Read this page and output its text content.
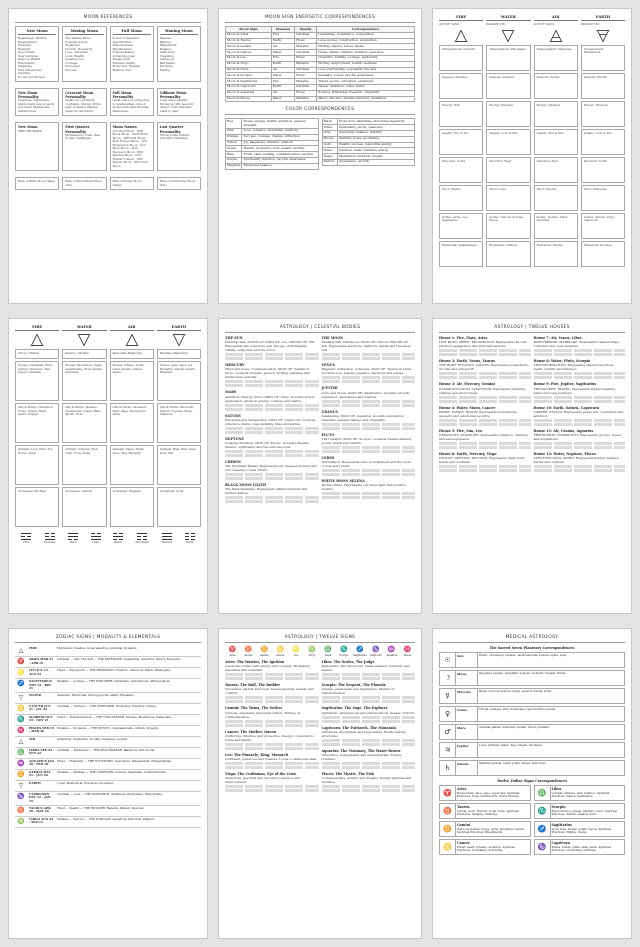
MOON REFERENCES
New Moon
Beginnings, Rebirth
Regeneration
Potential
Renewal
Opportunity
New Ventures
Improve Health
Resolutions
Cleansing
New Adventures
Intuition
Do not get burnout
Waxing Moon
The Waxing Moon
Powerful action
Expansion
Growth, Prosperity
Love, Attraction
Luck, Wealth
Seeking love
Courage
Protection
Success
Full Moon
Power, Completion
Amplification
Empowerment
Manifestation
Transformation
Achieving goals
Dream work
Extreme vitality
Protection, Healing
Wisdom, Tact
Waning Moon
Release
Balance
Banishment
Healing
Addictions
Cleansing
Letting go
Bad habits
Purifying
Ending
New Moon Personality
Impulsive, Expressive, Starts many new projects but rarely finishes any. Self-involved.
Crescent Moon Personality
Shake out old habits. Confident. Shrugs off the past. Is always making plans for the future.
Full Moon Personality
Great sense of connection to relationships. Life of dichotomies and disorder. Passionate.
Gibbous Moon Personality
Truly self-confident. Strong worldly need for others' trust. Insistent. Likes to plan.
New Moon
FIRE THUNDER
First Quarter Personality
Motivated by crisis. Rise to new challenges.
Moon Names
JAN Wolf Moon · FEB Snow Moon · MAR Worm Moon · APR Pink Moon · MAY Flower Moon · JUN Strawberry Moon · JUL Buck Moon · AUG Sturgeon Moon · SEP Harvest Moon · OCT Hunter's Moon · NOV Beaver Moon · DEC Cold Moon
Last Quarter Personality
Strong belief system. Visionary. Inflexible.
Rate of Birth Moon (Yang)	Rate of Enrichment Moon (Yin)
Rate of Power Moon (Yang)
Rate of Unwinding Moon (Yin)
MOON SIGN ENERGETIC CORRESPONDENCES
Moon Sign	Element	Quality	Correspondence
Moon in Aries	Fire	Cardinal	Leadership, dominance, competition
Moon in Taurus	Earth	Fixed	Love, money, construction, acquisition
Moon in Gemini	Air	Mutable	Writing, inquiry, travel, media
Moon in Cancer	Water	Cardinal	Home, family, children, intuition, past lives
Moon in Leo	Fire	Fixed	Creativity, fertility, courage, leadership
Moon in Virgo	Earth	Mutable	Writing, employment, health, wellness
Moon in Libra	Air	Cardinal	Love, partnership, popularity, the arts
Moon in Scorpio	Water	Fixed	Sexuality, power, psychic awareness
Moon in Sagittarius	Fire	Mutable	Travel, sports, education, expansion
Moon in Capricorn	Earth	Cardinal	Career, ambition, order, status
Moon in Aquarius	Air	Fixed	Science, friendship, freedom, originality
Moon in Pisces	Water	Mutable	Music, the arts, dreams, intuition, divination
COLOR CORRESPONDENCES
Red	Power, energy, vitality, ambition, passion, strength
Pink	Love, romance, friendship, harmony
Orange	Success, courage, change, attraction
Yellow	Joy, happiness, intellect, wisdom
Green	Health, prosperity, luck, wealth, fertility
Blue	Truth, calm, healing, communication, wisdom
Purple	Spirituality, intuition, psychic awareness
Magenta	Emotional balance
Black	Protection, banishing, absorbing negativity
White	Spirituality, purity, cleansing
Gray	Neutrality, balance, stability
Brown	Stability, home, grounding
Gold	Wealth, success, masculine energy
Silver	Intuition, lunar, feminine energy
Indigo	Meditation, intuition, insight
Nature	Abundance, growth
FIRE
ACTIVE YANG
Temperament: Choleric
Seasons: Summer
Energy: Will
Quality: Hot & Dry
Direction: South
Tarot: Wands
Zodiac: Aries, Leo, Sagittarius
Elemental: Salamanders
WATER
PASSIVE YIN
Temperament: Phlegmatic
Seasons: Autumn
Energy: Emotion
Quality: Cold & Wet
Direction: West
Tarot: Cups
Zodiac: Cancer, Scorpio, Pisces
Elemental: Undines
AIR
ACTIVE YANG
Temperament: Sanguine
Seasons: Spring
Energy: Intellect
Quality: Hot & Wet
Direction: East
Tarot: Swords
Zodiac: Gemini, Libra, Aquarius
Elemental: Sylphs
EARTH
PASSIVE YIN
Temperament: Melancholic
Seasons: Winter
Energy: Physical
Quality: Cold & Dry
Direction: North
Tarot: Pentacles
Zodiac: Taurus, Virgo, Capricorn
Elemental: Gnomes
FIRE
Arrow / Father
Stones: Carnelian, Ruby, Garnet, Sunstone, Red Jasper, Obsidian
Oils & Herbs: Cinnamon, Clove, Ginger, Basil, Garlic, Pepper
Animals: Lion, Ram, Fox, Horse, Tiger
Archangel: Michael
WATER
Passive / Mother
Stones: Moonstone, Pearl, Aquamarine, Rose Quartz, Amethyst
Oils & Herbs: Jasmine, Chamomile, Lemon Balm, Myrrh, Rose
Animals: Dolphin, Fish, Crab, Frog, Swan
Archangel: Gabriel
AIR
Masculine Balancing
Stones: Citrine, Topaz, Clear Quartz, Amber, Agate
Oils & Herbs: Lavender, Mint, Sage, Eucalyptus, Anise
Animals: Eagle, Hawk, Dove, Bee, Butterfly
Archangel: Raphael
EARTH
Feminine Balancing
Stones: Jade, Onyx, Jet, Hematite, Smoky Quartz, Emerald
Oils & Herbs: Patchouli, Vetiver, Cypress, Moss, Oakmoss
Animals: Bear, Bull, Deer, Wolf, Owl
Archangel: Uriel
Fire	Thunder	Wind	Lake	Water	Mountain	Heaven	Earth
ASTROLOGY | CELESTIAL BODIES
THE SUN
External Self, Adulthood. SIGN OF: Leo. HOUSE OF: 5th. Represents the conscious self, the ego, individuality, vitality, willpower and life force.
MERCURY
Mind and Voice. Communication. SIGN OF: Gemini & Virgo. Governs thought, speech, writing, learning and intellectual pursuits.
MARS
Ambition, Energy, Drive. SIGN OF: Aries. Governs action, aggression, physical energy, courage and desire.
SATURN
Discipline and Perspective. SIGN OF: Capricorn. Governs structure, limits, responsibility, time and karma.
NEPTUNE
Creative Intuition. SIGN OF: Pisces. Governs dreams, illusion, spirituality and the subconscious.
CHIRON
The Wounded Healer. Represents our deepest wounds and our capacity to heal others.
BLACK MOON LILITH
The Dark Feminine. Represents primal instincts and hidden desires.
THE MOON
Internal Self, Childhood. SIGN OF: Cancer. HOUSE OF: 4th. Represents emotions, instincts, habits and the inner self.
VENUS
Magnetic Attraction. Cohesive. SIGN OF: Taurus & Libra. Governs love, beauty, pleasure, harmony and values.
JUPITER
Luck and Grace. SIGN OF: Sagittarius. Governs growth, expansion, abundance and wisdom.
URANUS
Awakening. SIGN OF: Aquarius. Governs innovation, rebellion, sudden change and originality.
PLUTO
The Catalyst. SIGN OF: Scorpio. Governs transformation, power, death and rebirth.
CERES
Nurturance. Represents care, nourishment and the cycle of loss and return.
WHITE MOON SELENA
Divine Virtue. Represents our inner light and positive destiny.
ASTROLOGY | TWELVE HOUSES
House 1: Fire, Mars, Aries
LIFE BODY: SPIRIT: BEGINNINGS. Represents the self, physical appearance and first impressions.
House 2: Earth, Venus, Taurus
THE BODY: FINANCE: VALUES. Represents possessions, income and self-worth.
House 3: Air, Mercury, Gemini
COMMUNICATION: COGNITION. Represents learning, siblings and short travel.
House 4: Water, Moon, Cancer
HOME: FAMILY: ROOTS. Represents foundations, ancestry and emotional security.
House 5: Fire, Sun, Leo
CREATIVITY: PLEASURE. Represents romance, children and self-expression.
House 6: Earth, Mercury, Virgo
HEALTH: SERVICE: ROUTINE. Represents daily work, habits and wellness.
House 7: Air, Venus, Libra
PARTNERSHIP: MARRIAGE. Represents relationships, contracts and open enemies.
House 8: Water, Pluto, Scorpio
TRANSFORMATION. Represents shared resources, death, rebirth and intimacy.
House 9: Fire, Jupiter, Sagittarius
PHILOSOPHY: TRAVEL. Represents higher learning, belief and long journeys.
House 10: Earth, Saturn, Capricorn
CAREER: STATUS. Represents public life, reputation and ambition.
House 11: Air, Uranus, Aquarius
FRIENDSHIP: COMMUNITY. Represents groups, hopes and aspirations.
House 12: Water, Neptune, Pisces
SUBCONSCIOUS: SPIRIT. Represents hidden matters, karma and solitude.
ZODIAC SIGNS | MODALITY & ELEMENTALS
△	FIRE	Motivated, Creative, Great assertive potential, Dynamic.
♈	ARIES MAR 21 - APR 19
Cardinal — Life: The Self — THE DEFENDER. Leadership, Assertive, Direct, Energetic.
♌	LEO JUL 23 - AUG 22
Fixed — Enjoyment — THE DRAMATIST. Creative, Generous, Warm, Passionate.
♐	SAGITTARIUS NOV 22 - DEC 21
Mutable — Journey — THE EXPLORER. Optimistic, Adventurous, Philosophical.
▽	WATER	Sensitive, Emotional, Strong psychic ability, Empathic.
♋	CANCER JUN 21 - JUL 22
Cardinal — Nurture — THE DEFENDER. Protective, Intuitive, Caring.
♏	SCORPIO OCT 23 - NOV 21
Fixed — Transformation — THE CHALLENGER. Intense, Mysterious, Passionate.
♓	PISCES FEB 19 - MAR 20
Mutable — Inclusion — THE MYSTIC. Compassionate, Artistic, Dreamy.
△	AIR	Analytical, Inquisitive, Socially detached, Logical.
♎	LIBRA SEP 23 - OCT 22
Cardinal — Diplomacy — THE PEACEMAKER. Balanced, Fair, Social.
♒	AQUARIUS JAN 20 - FEB 18
Fixed — Humanity — THE ECCENTRIC. Innovative, Independent, Humanitarian.
♊	GEMINI MAY 21 - JUN 20
Mutable — Siblings — THE VISIONARY. Curious, Adaptable, Communicative.
▽	EARTH	Loyal, Methodical, Practical, Grounded.
♑	CAPRICORN DEC 22 - JAN 19
Cardinal — Loss — THE PATRIARCH. Ambitious, Disciplined, Responsible.
♉	TAURUS APR 20 - MAY 20
Fixed — Wealth — THE BUILDER. Reliable, Patient, Devoted.
♍	VIRGO AUG 23 - SEP 22
Mutable — Service — THE SCHOLAR. Analytical, Practical, Diligent.
ASTROLOGY | TWELVE SIGNS
♈
Aries
♉
Taurus
♊
Gemini
♋
Cancer
♌
Leo
♍
Virgo
♎
Libra
♏
Scorpio
♐
Sagittarius
♑
Capricorn
♒
Aquarius
♓
Pisces
Aries: The Warrior, The Ignition
Leads the zodiac with energy and courage. Motivated, impulsive and confident.
Taurus: The Bull, The Builder
Grounded, patient and loyal. Values security, beauty and comfort.
Gemini: The Twins, The Seeker
Curious, adaptable and quick-witted. Thrives on communication.
Cancer: The Mother, Queen
Nurturing, intuitive and protective. Deeply connected to home and family.
Leo: The Pinnacle, King, Monarch
Confident, generous and creative. Loves to shine and lead.
Virgo: The Craftsman, Eye of the Crow
Analytical, practical and devoted to service and improvement.
Libra: The Scales, The Judge
Diplomatic, fair and social. Seeks balance, harmony and beauty.
Scorpio: The Serpent, The Phoenix
Intense, passionate and mysterious. Master of transformation.
Sagittarius: The Sage, The Explorer
Optimistic, adventurous and philosophical. Seeker of truth.
Capricorn: The Patriarch, The Mountain
Ambitious, disciplined and responsible. Builds lasting structures.
Aquarius: The Visionary, The Water-Bearer
Innovative, independent and humanitarian. Future oriented.
Pisces: The Mystic, The Fish
Compassionate, artistic and dreamy. Deeply spiritual and intuitive.
MEDICAL ASTROLOGY
The Sacred Seven Planetary Correspondences
☉	Sun	Heart, circulatory system, cardiovascular system, spine, eyes.
☽	Moon	Digestive system, lymphatic system, stomach, breasts, fluids.
☿	Mercury	Brain, nervous system, lungs, speech, hands, arms.
♀	Venus	Throat, kidneys, skin, hormones, reproductive system.
♂	Mars	Adrenal glands, muscular system, blood, genitals.
♃	Jupiter	Liver, pituitary gland, hips, thighs, fat tissue.
♄	Saturn	Skeletal system, teeth, joints, knees, skin, hair.
Twelve Zodiac Signs Correspondences
♈	Aries
Head, brain, face, eyes, upper jaw. Spiritual Practices: Yoga, martial arts, vision therapy.
♉	Taurus
Throat, neck, thyroid, vocal cords. Spiritual Practices: Singing, chanting.
♊	Gemini
Nervous system, lungs, arms, shoulders, hands. Spiritual Practices: Breathwork.
♋	Cancer
Chest, heart, breasts, stomach. Spiritual Practices: Journaling, nurturing.
♎	Libra
Lumbar, kidneys, skin, balance. Spiritual Practices: Dance, meditation.
♏	Scorpio
Reproductive organs, bladder, colon. Spiritual Practices: Tantra, shadow work.
♐	Sagittarius
Liver, hips, thighs, sciatic nerve. Spiritual Practices: Hiking, travel.
♑	Capricorn
Knees, bones, joints, skin, teeth. Spiritual Practices: Grounding, earthing.
